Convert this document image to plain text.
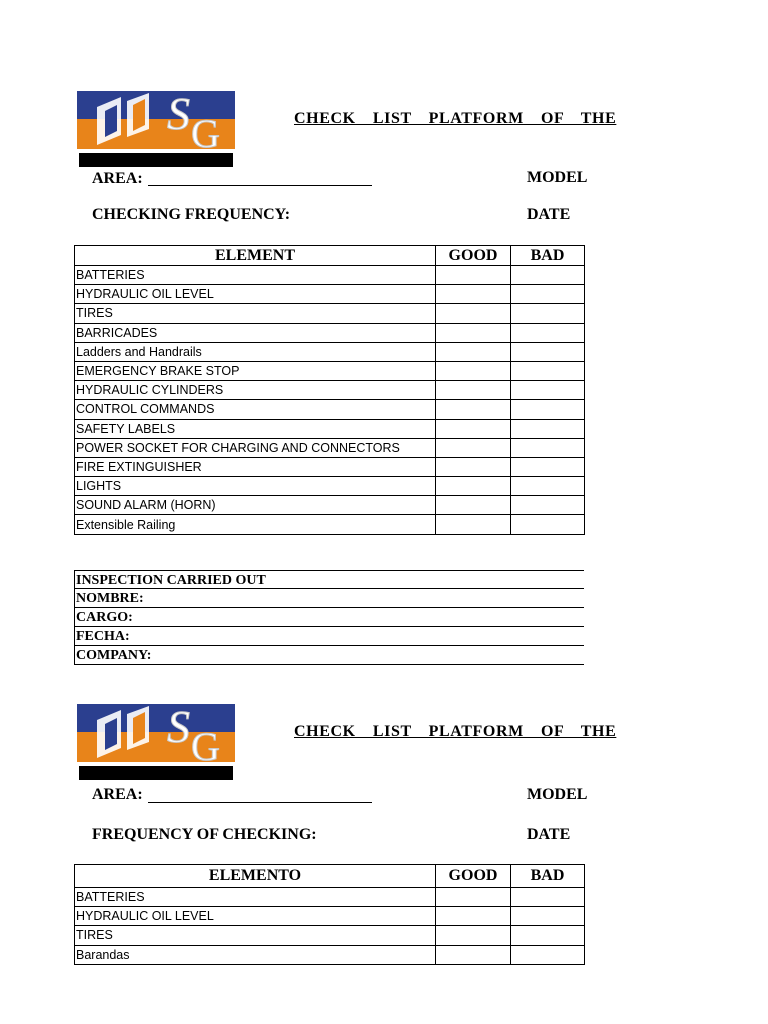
S G	CHECK  LIST  PLATFORM  OF  THE
AREA:	MODEL
CHECKING FREQUENCY:	DATE
ELEMENT	GOOD	BAD
BATTERIES		
HYDRAULIC OIL LEVEL		
TIRES		
BARRICADES		
Ladders and Handrails		
EMERGENCY BRAKE STOP		
HYDRAULIC CYLINDERS		
CONTROL COMMANDS		
SAFETY LABELS		
POWER SOCKET FOR CHARGING AND CONNECTORS		
FIRE EXTINGUISHER		
LIGHTS		
SOUND ALARM (HORN)		
Extensible Railing		
INSPECTION CARRIED OUT
NOMBRE:
CARGO:
FECHA:
COMPANY:
S G	CHECK  LIST  PLATFORM  OF  THE
AREA:	MODEL
FREQUENCY OF CHECKING:	DATE
ELEMENTO	GOOD	BAD
BATTERIES		
HYDRAULIC OIL LEVEL		
TIRES		
Barandas		
